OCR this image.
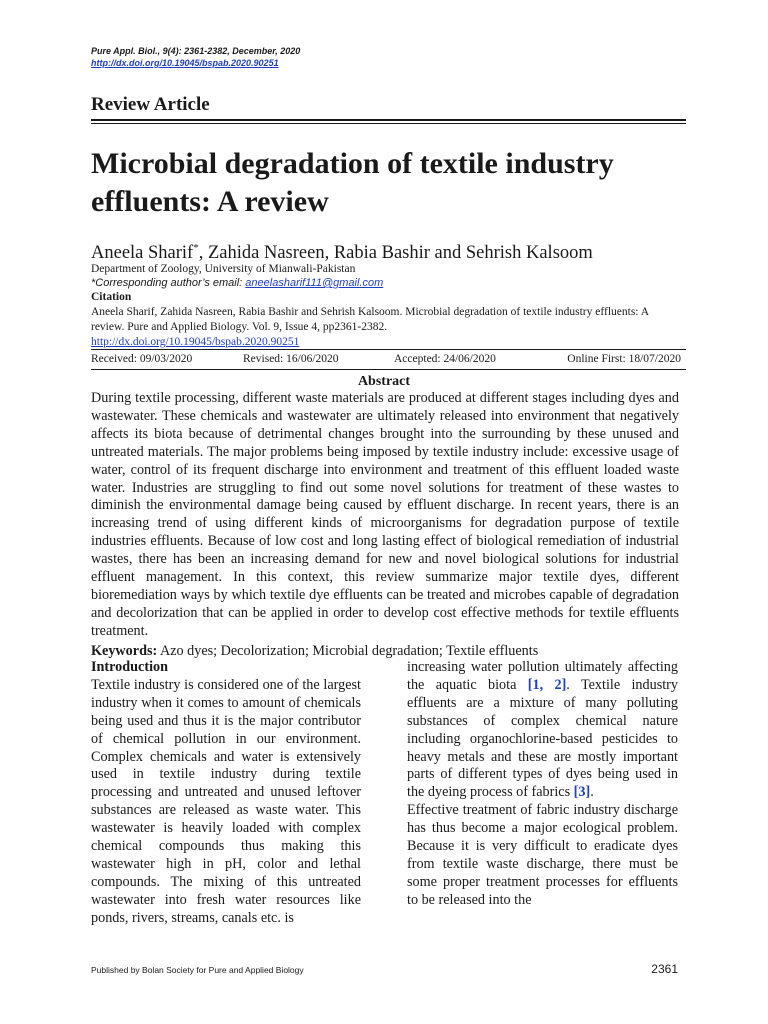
Pure Appl. Biol., 9(4): 2361-2382, December, 2020
http://dx.doi.org/10.19045/bspab.2020.90251
Review Article
Microbial degradation of textile industry effluents: A review
Aneela Sharif*, Zahida Nasreen, Rabia Bashir and Sehrish Kalsoom
Department of Zoology, University of Mianwali-Pakistan
*Corresponding author’s email: aneelasharif111@gmail.com
Citation
Aneela Sharif, Zahida Nasreen, Rabia Bashir and Sehrish Kalsoom. Microbial degradation of textile industry effluents: A review. Pure and Applied Biology. Vol. 9, Issue 4, pp2361-2382.
http://dx.doi.org/10.19045/bspab.2020.90251
Received: 09/03/2020	Revised: 16/06/2020	Accepted: 24/06/2020	Online First: 18/07/2020
Abstract
During textile processing, different waste materials are produced at different stages including dyes and wastewater. These chemicals and wastewater are ultimately released into environment that negatively affects its biota because of detrimental changes brought into the surrounding by these unused and untreated materials. The major problems being imposed by textile industry include: excessive usage of water, control of its frequent discharge into environment and treatment of this effluent loaded waste water. Industries are struggling to find out some novel solutions for treatment of these wastes to diminish the environmental damage being caused by effluent discharge. In recent years, there is an increasing trend of using different kinds of microorganisms for degradation purpose of textile industries effluents. Because of low cost and long lasting effect of biological remediation of industrial wastes, there has been an increasing demand for new and novel biological solutions for industrial effluent management. In this context, this review summarize major textile dyes, different bioremediation ways by which textile dye effluents can be treated and microbes capable of degradation and decolorization that can be applied in order to develop cost effective methods for textile effluents treatment.
Keywords: Azo dyes; Decolorization; Microbial degradation; Textile effluents
Introduction

Textile industry is considered one of the largest industry when it comes to amount of chemicals being used and thus it is the major contributor of chemical pollution in our environment. Complex chemicals and water is extensively used in textile industry during textile processing and untreated and unused leftover substances are released as waste water. This wastewater is heavily loaded with complex chemical compounds thus making this wastewater high in pH, color and lethal compounds. The mixing of this untreated wastewater into fresh water resources like ponds, rivers, streams, canals etc. is

increasing water pollution ultimately affecting the aquatic biota [1, 2]. Textile industry effluents are a mixture of many polluting substances of complex chemical nature including organochlorine-based pesticides to heavy metals and these are mostly important parts of different types of dyes being used in the dyeing process of fabrics [3].

Effective treatment of fabric industry discharge has thus become a major ecological problem. Because it is very difficult to eradicate dyes from textile waste discharge, there must be some proper treatment processes for effluents to be released into the

Published by Bolan Society for Pure and Applied Biology	2361
